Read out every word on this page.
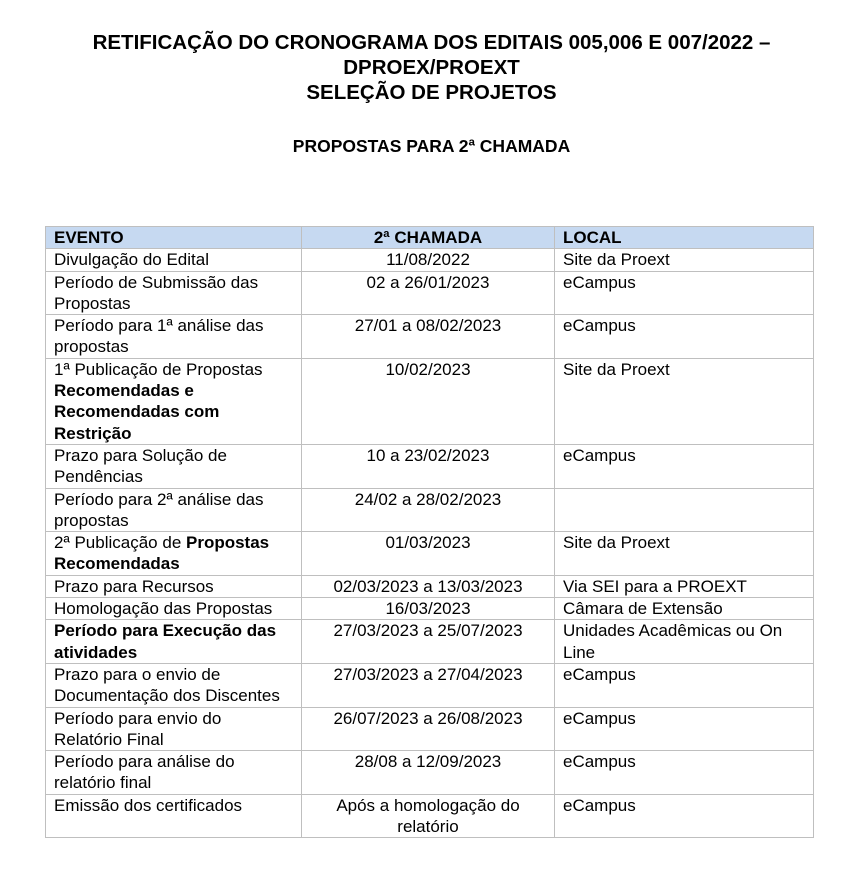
RETIFICAÇÃO DO CRONOGRAMA DOS EDITAIS 005,006 E 007/2022 –
DPROEX/PROEXT
SELEÇÃO DE PROJETOS
PROPOSTAS PARA 2ª CHAMADA
EVENTO	2ª CHAMADA	LOCAL
Divulgação do Edital	11/08/2022	Site da Proext
Período de Submissão das Propostas	02 a 26/01/2023	eCampus
Período para 1ª análise das propostas	27/01 a 08/02/2023	eCampus
1ª Publicação de Propostas Recomendadas e Recomendadas com Restrição	10/02/2023	Site da Proext
Prazo para Solução de Pendências	10 a 23/02/2023	eCampus
Período para 2ª análise das propostas	24/02 a 28/02/2023	
2ª Publicação de Propostas Recomendadas	01/03/2023	Site da Proext
Prazo para Recursos	02/03/2023 a 13/03/2023	Via SEI para a PROEXT
Homologação das Propostas	16/03/2023	Câmara de Extensão
Período para Execução das atividades	27/03/2023 a 25/07/2023	Unidades Acadêmicas ou On Line
Prazo para o envio de Documentação dos Discentes	27/03/2023 a 27/04/2023	eCampus
Período para envio do Relatório Final	26/07/2023 a 26/08/2023	eCampus
Período para análise do relatório final	28/08 a 12/09/2023	eCampus
Emissão dos certificados	Após a homologação do relatório	eCampus
